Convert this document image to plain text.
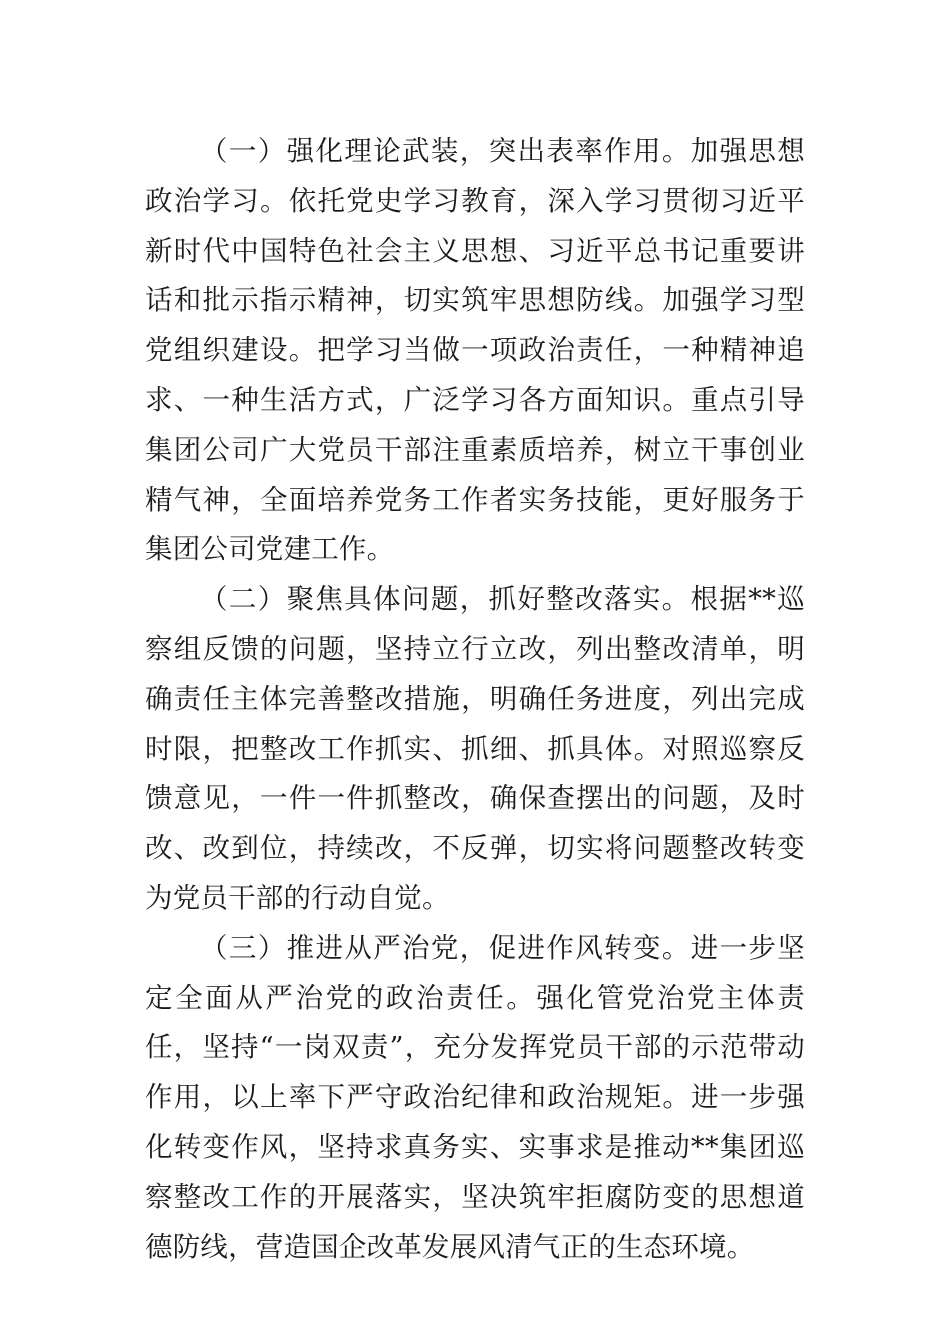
（一）强化理论武装，突出表率作用。加强思想政治学习。依托党史学习教育，深入学习贯彻习近平新时代中国特色社会主义思想、习近平总书记重要讲话和批示指示精神，切实筑牢思想防线。加强学习型党组织建设。把学习当做一项政治责任，一种精神追求、一种生活方式，广泛学习各方面知识。重点引导集团公司广大党员干部注重素质培养，树立干事创业精气神，全面培养党务工作者实务技能，更好服务于集团公司党建工作。

（二）聚焦具体问题，抓好整改落实。根据**巡察组反馈的问题，坚持立行立改，列出整改清单，明确责任主体完善整改措施，明确任务进度，列出完成时限，把整改工作抓实、抓细、抓具体。对照巡察反馈意见，一件一件抓整改，确保查摆出的问题，及时改、改到位，持续改，不反弹，切实将问题整改转变为党员干部的行动自觉。

（三）推进从严治党，促进作风转变。进一步坚定全面从严治党的政治责任。强化管党治党主体责任，坚持“一岗双责”，充分发挥党员干部的示范带动作用，以上率下严守政治纪律和政治规矩。进一步强化转变作风，坚持求真务实、实事求是推动**集团巡察整改工作的开展落实，坚决筑牢拒腐防变的思想道德防线，营造国企改革发展风清气正的生态环境。
